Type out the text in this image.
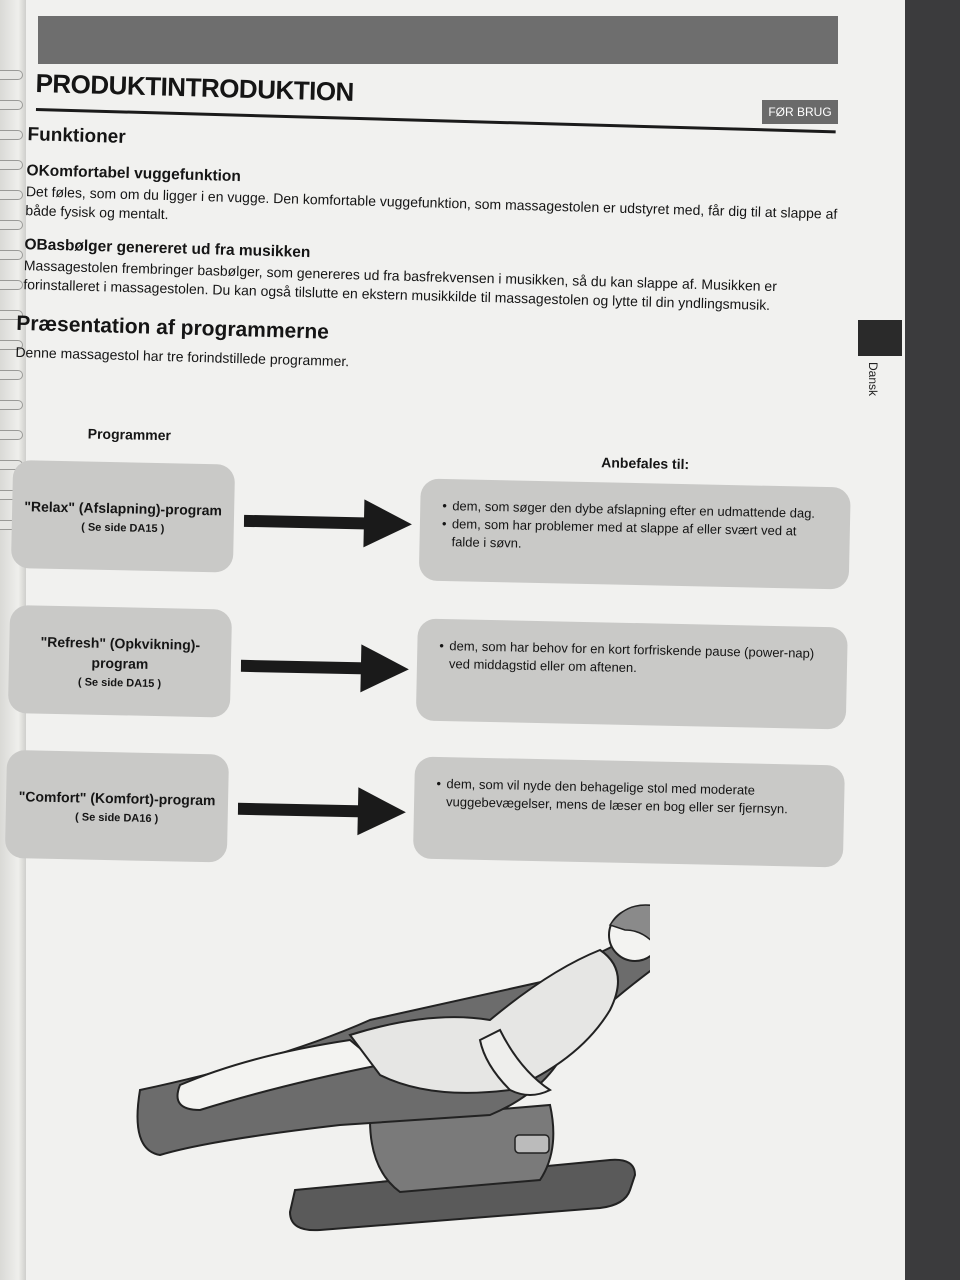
PRODUKTINTRODUKTION
FØR BRUG
Dansk
Funktioner
OKomfortabel vuggefunktion
Det føles, som om du ligger i en vugge. Den komfortable vuggefunktion, som massagestolen er udstyret med, får dig til at slappe af både fysisk og mentalt.
OBasbølger genereret ud fra musikken
Massagestolen frembringer basbølger, som genereres ud fra basfrekvensen i musikken, så du kan slappe af. Musikken er forinstalleret i massagestolen. Du kan også tilslutte en ekstern musikkilde til massagestolen og lytte til din yndlingsmusik.
Præsentation af programmerne
Denne massagestol har tre forindstillede programmer.
Programmer
Anbefales til:
"Relax" (Afslapning)-program
( Se side DA15 )
• dem, som søger den dybe afslapning efter en udmattende dag.
• dem, som har problemer med at slappe af eller svært ved at falde i søvn.
"Refresh" (Opkvikning)-program
( Se side DA15 )
• dem, som har behov for en kort forfriskende pause (power-nap) ved middagstid eller om aftenen.
"Comfort" (Komfort)-program
( Se side DA16 )
• dem, som vil nyde den behagelige stol med moderate vuggebevægelser, mens de læser en bog eller ser fjernsyn.
